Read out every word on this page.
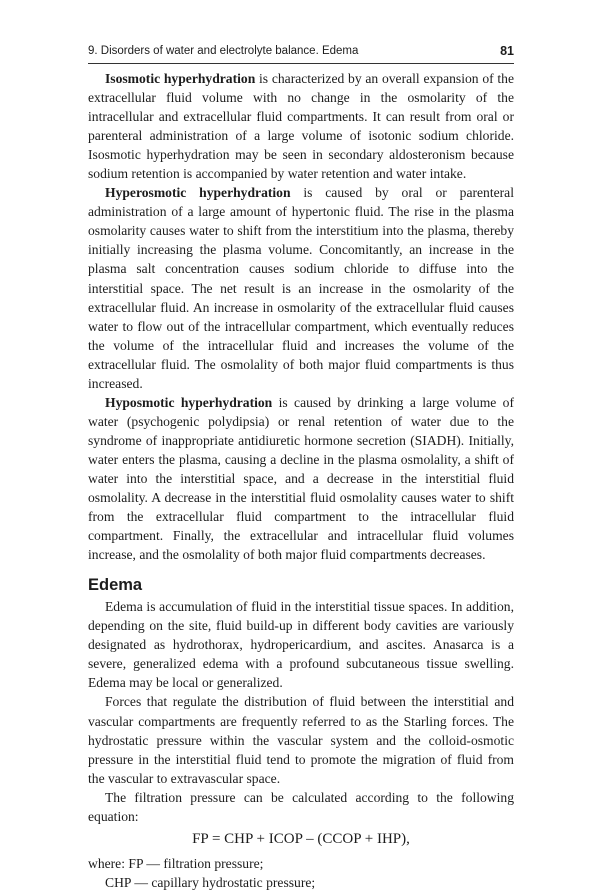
9. Disorders of water and electrolyte balance. Edema	81

Isosmotic hyperhydration is characterized by an overall expansion of the extracellular fluid volume with no change in the osmolarity of the intracellular and extracellular fluid compartments. It can result from oral or parenteral administration of a large volume of isotonic sodium chloride. Isosmotic hyperhydration may be seen in secondary aldosteronism because sodium retention is accompanied by water retention and water intake.

Hyperosmotic hyperhydration is caused by oral or parenteral administration of a large amount of hypertonic fluid. The rise in the plasma osmolarity causes water to shift from the interstitium into the plasma, thereby initially increasing the plasma volume. Concomitantly, an increase in the plasma salt concentration causes sodium chloride to diffuse into the interstitial space. The net result is an increase in the osmolarity of the extracellular fluid. An increase in osmolarity of the extracellular fluid causes water to flow out of the intracellular compartment, which eventually reduces the volume of the intracellular fluid and increases the volume of the extracellular fluid. The osmolality of both major fluid compartments is thus increased.

Hyposmotic hyperhydration is caused by drinking a large volume of water (psychogenic polydipsia) or renal retention of water due to the syndrome of inappropriate antidiuretic hormone secretion (SIADH). Initially, water enters the plasma, causing a decline in the plasma osmolality, a shift of water into the interstitial space, and a decrease in the interstitial fluid osmolality. A decrease in the interstitial fluid osmolality causes water to shift from the extracellular fluid compartment to the intracellular fluid compartment. Finally, the extracellular and intracellular fluid volumes increase, and the osmolality of both major fluid compartments decreases.

Edema

Edema is accumulation of fluid in the interstitial tissue spaces. In addition, depending on the site, fluid build-up in different body cavities are variously designated as hydrothorax, hydropericardium, and ascites. Anasarca is a severe, generalized edema with a profound subcutaneous tissue swelling. Edema may be local or generalized.

Forces that regulate the distribution of fluid between the interstitial and vascular compartments are frequently referred to as the Starling forces. The hydrostatic pressure within the vascular system and the colloid-osmotic pressure in the interstitial fluid tend to promote the migration of fluid from the vascular to extravascular space.

The filtration pressure can be calculated according to the following equation:

FP = CHP + ICOP – (CCOP + IHP),

where: FP — filtration pressure;

CHP — capillary hydrostatic pressure;
